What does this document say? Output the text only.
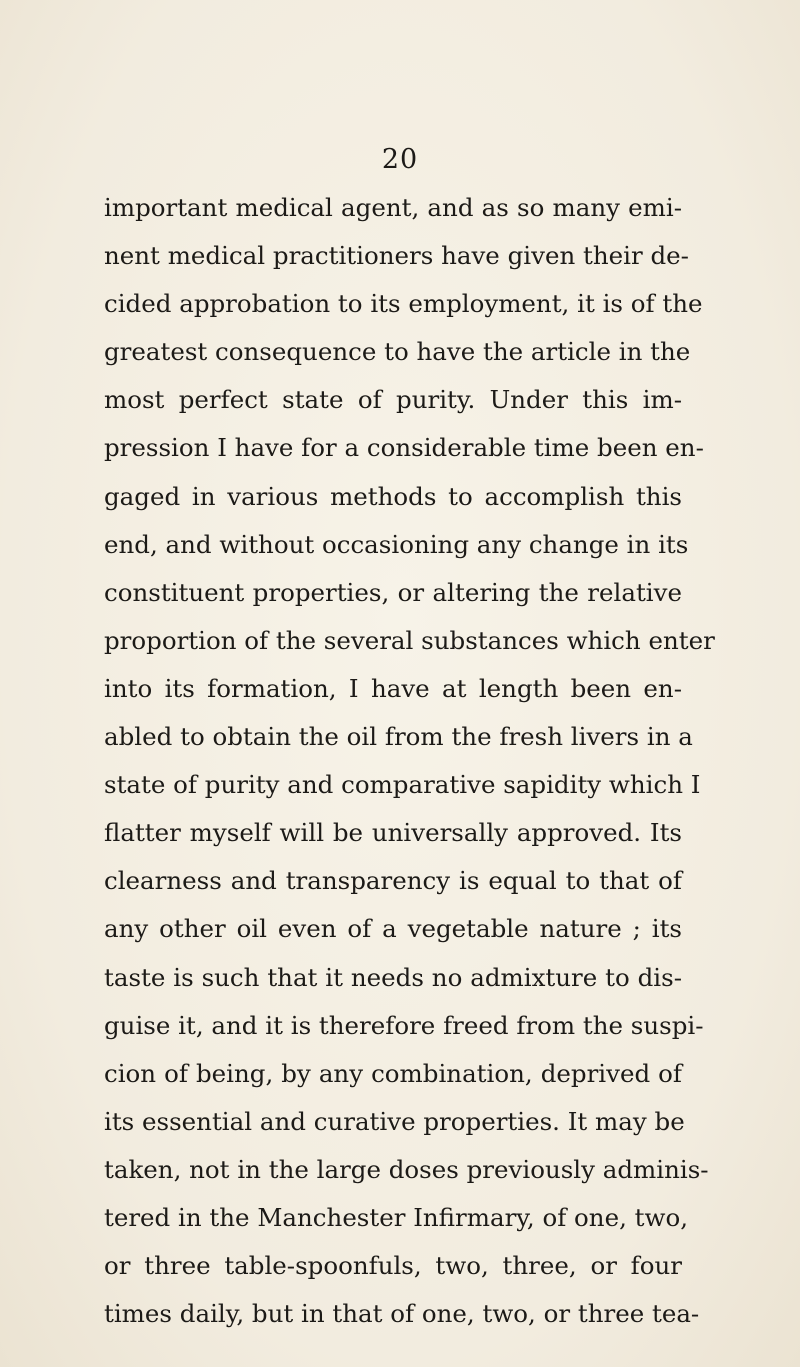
20
important medical agent, and as so many emi-
nent medical practitioners have given their de-
cided approbation to its employment, it is of the
greatest consequence to have the article in the
most perfect state of purity. Under this im-
pression I have for a considerable time been en-
gaged in various methods to accomplish this
end, and without occasioning any change in its
constituent properties, or altering the relative
proportion of the several substances which enter
into its formation, I have at length been en-
abled to obtain the oil from the fresh livers in a
state of purity and comparative sapidity which I
flatter myself will be universally approved. Its
clearness and transparency is equal to that of
any other oil even of a vegetable nature ; its
taste is such that it needs no admixture to dis-
guise it, and it is therefore freed from the suspi-
cion of being, by any combination, deprived of
its essential and curative properties. It may be
taken, not in the large doses previously adminis-
tered in the Manchester Infirmary, of one, two,
or three table-spoonfuls, two, three, or four
times daily, but in that of one, two, or three tea-
